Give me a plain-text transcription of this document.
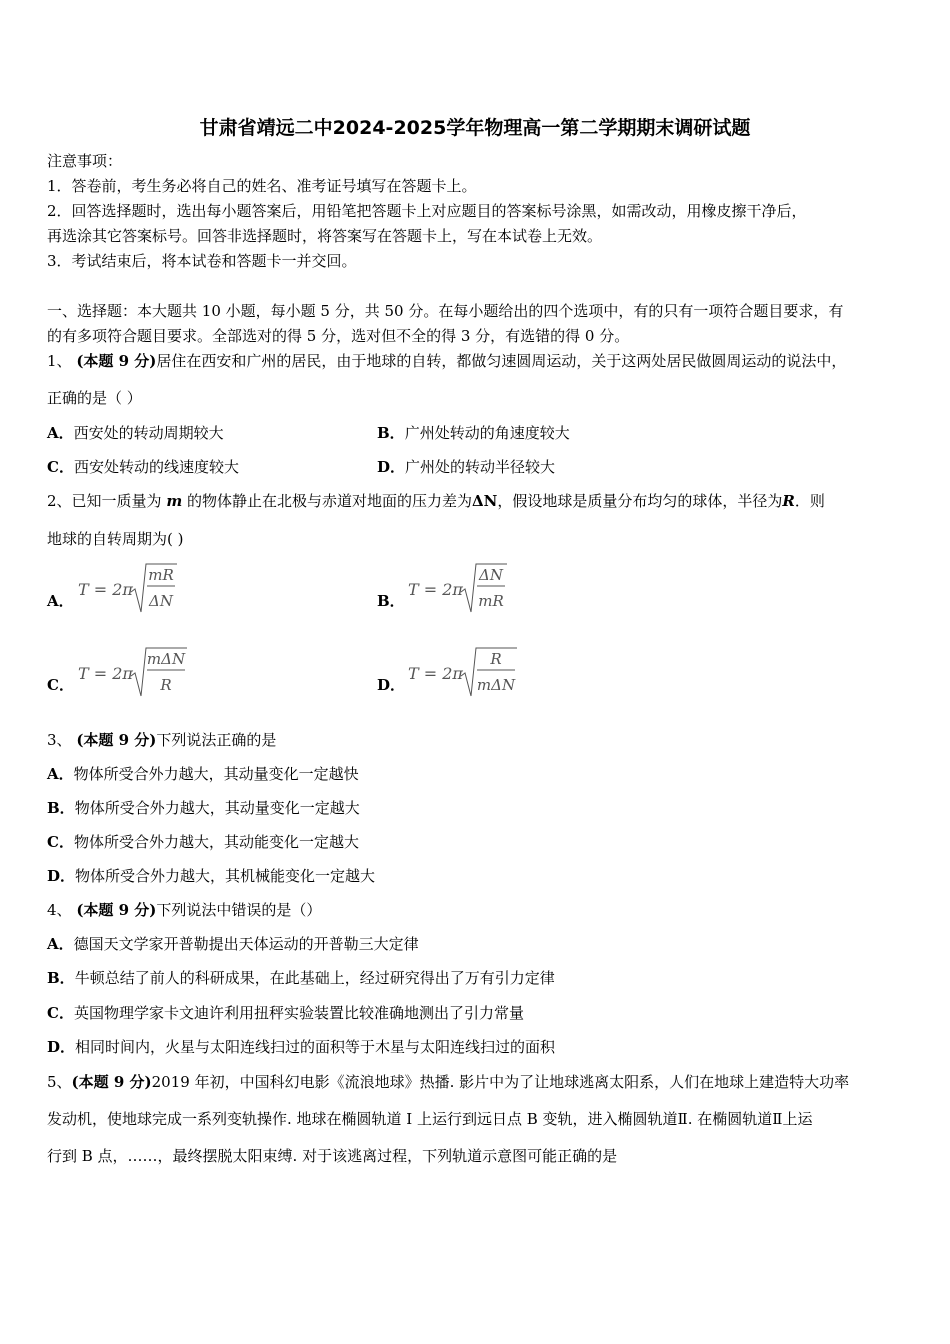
甘肃省靖远二中2024-2025学年物理高一第二学期期末调研试题
注意事项：
1．答卷前，考生务必将自己的姓名、准考证号填写在答题卡上。
2．回答选择题时，选出每小题答案后，用铅笔把答题卡上对应题目的答案标号涂黑，如需改动，用橡皮擦干净后，
再选涂其它答案标号。回答非选择题时，将答案写在答题卡上，写在本试卷上无效。
3．考试结束后，将本试卷和答题卡一并交回。
一、选择题：本大题共 10 小题，每小题 5 分，共 50 分。在每小题给出的四个选项中，有的只有一项符合题目要求，有
的有多项符合题目要求。全部选对的得 5 分，选对但不全的得 3 分，有选错的得 0 分。
1、 (本题 9 分)居住在西安和广州的居民，由于地球的自转，都做匀速圆周运动，关于这两处居民做圆周运动的说法中，
正确的是（ ）
A．西安处的转动周期较大	B．广州处转动的角速度较大
C．西安处转动的线速度较大	D．广州处的转动半径较大
2、已知一质量为 m 的物体静止在北极与赤道对地面的压力差为ΔN，假设地球是质量分布均匀的球体，半径为R．则
地球的自转周期为( )
A．
T = 2π
mR
ΔN	B．
T = 2π
ΔN
mR
C．
T = 2π
mΔN
R	D．
T = 2π
R
mΔN
3、 (本题 9 分)下列说法正确的是
A．物体所受合外力越大，其动量变化一定越快
B．物体所受合外力越大，其动量变化一定越大
C．物体所受合外力越大，其动能变化一定越大
D．物体所受合外力越大，其机械能变化一定越大
4、 (本题 9 分)下列说法中错误的是（）
A．德国天文学家开普勒提出天体运动的开普勒三大定律
B．牛顿总结了前人的科研成果，在此基础上，经过研究得出了万有引力定律
C．英国物理学家卡文迪许利用扭秤实验装置比较准确地测出了引力常量
D．相同时间内，火星与太阳连线扫过的面积等于木星与太阳连线扫过的面积
5、(本题 9 分)2019 年初，中国科幻电影《流浪地球》热播. 影片中为了让地球逃离太阳系，人们在地球上建造特大功率
发动机，使地球完成一系列变轨操作. 地球在椭圆轨道 I 上运行到远日点 B 变轨，进入椭圆轨道Ⅱ. 在椭圆轨道Ⅱ上运
行到 B 点，……，最终摆脱太阳束缚. 对于该逃离过程，下列轨道示意图可能正确的是
